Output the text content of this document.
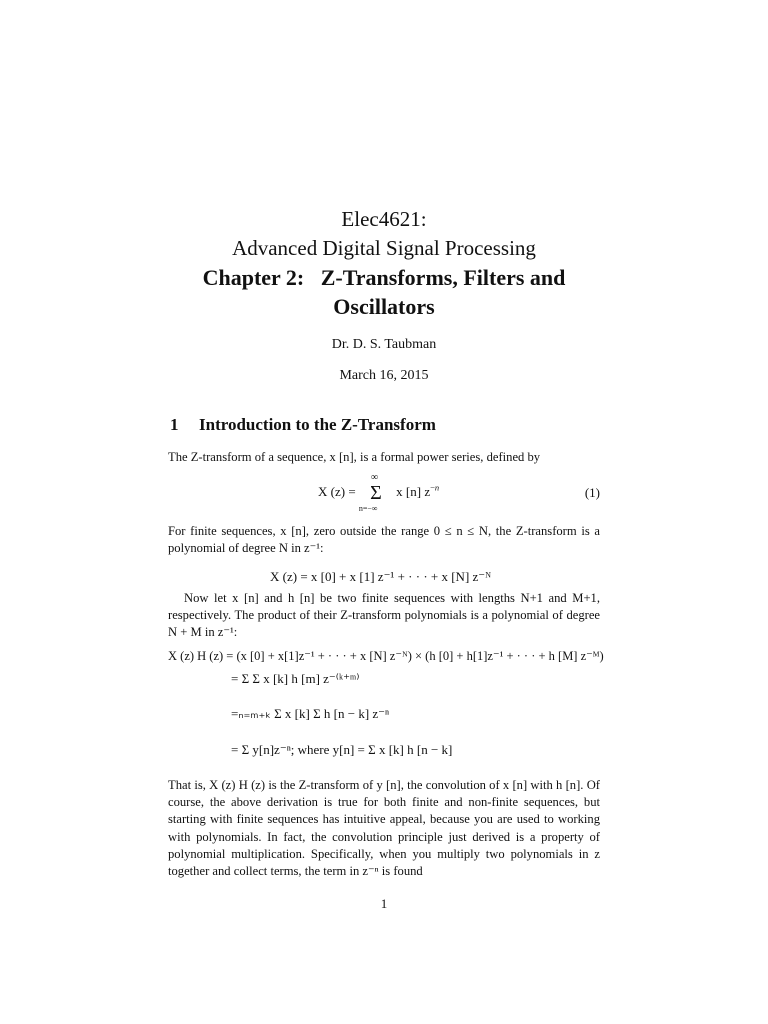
Elec4621:
Advanced Digital Signal Processing
Chapter 2:   Z-Transforms, Filters and
Oscillators
Dr. D. S. Taubman
March 16, 2015
1 Introduction to the Z-Transform
The Z-transform of a sequence, x [n], is a formal power series, defined by
X (z) =
∞
Σ
n=−∞
x [n] $z^{-n}$	(1)
For finite sequences, x [n], zero outside the range 0 ≤ n ≤ N, the Z-transform is a polynomial of degree N in z⁻¹:
X (z) = x [0] + x [1] z⁻¹ + · · · + x [N] z⁻ᴺ
Now let x [n] and h [n] be two finite sequences with lengths N+1 and M+1, respectively. The product of their Z-transform polynomials is a polynomial of degree N + M in z⁻¹:
X (z) H (z) = (x [0] + x[1]z⁻¹ + · · · + x [N] z⁻ᴺ) × (h [0] + h[1]z⁻¹ + · · · + h [M] z⁻ᴹ)
= Σ Σ x [k] h [m] z⁻⁽ᵏ⁺ᵐ⁾
=ₙ₌ₘ₊ₖ Σ x [k] Σ h [n − k] z⁻ⁿ
= Σ y[n]z⁻ⁿ; where y[n] = Σ x [k] h [n − k]
That is, X (z) H (z) is the Z-transform of y [n], the convolution of x [n] with h [n]. Of course, the above derivation is true for both finite and non-finite sequences, but starting with finite sequences has intuitive appeal, because you are used to working with polynomials. In fact, the convolution principle just derived is a property of polynomial multiplication. Specifically, when you multiply two polynomials in z together and collect terms, the term in z⁻ⁿ is found
1
